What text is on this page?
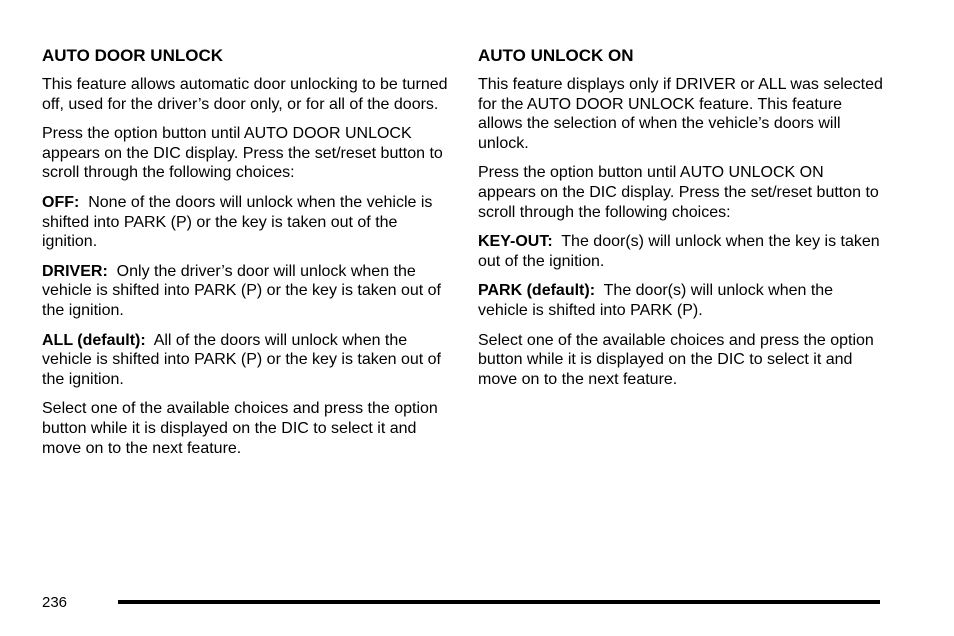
AUTO DOOR UNLOCK

This feature allows automatic door unlocking to be turned off, used for the driver’s door only, or for all of the doors.

Press the option button until AUTO DOOR UNLOCK appears on the DIC display. Press the set/reset button to scroll through the following choices:

OFF: None of the doors will unlock when the vehicle is shifted into PARK (P) or the key is taken out of the ignition.

DRIVER: Only the driver’s door will unlock when the vehicle is shifted into PARK (P) or the key is taken out of the ignition.

ALL (default): All of the doors will unlock when the vehicle is shifted into PARK (P) or the key is taken out of the ignition.

Select one of the available choices and press the option button while it is displayed on the DIC to select it and move on to the next feature.

AUTO UNLOCK ON

This feature displays only if DRIVER or ALL was selected for the AUTO DOOR UNLOCK feature. This feature allows the selection of when the vehicle’s doors will unlock.

Press the option button until AUTO UNLOCK ON appears on the DIC display. Press the set/reset button to scroll through the following choices:

KEY-OUT: The door(s) will unlock when the key is taken out of the ignition.

PARK (default): The door(s) will unlock when the vehicle is shifted into PARK (P).

Select one of the available choices and press the option button while it is displayed on the DIC to select it and move on to the next feature.

236
